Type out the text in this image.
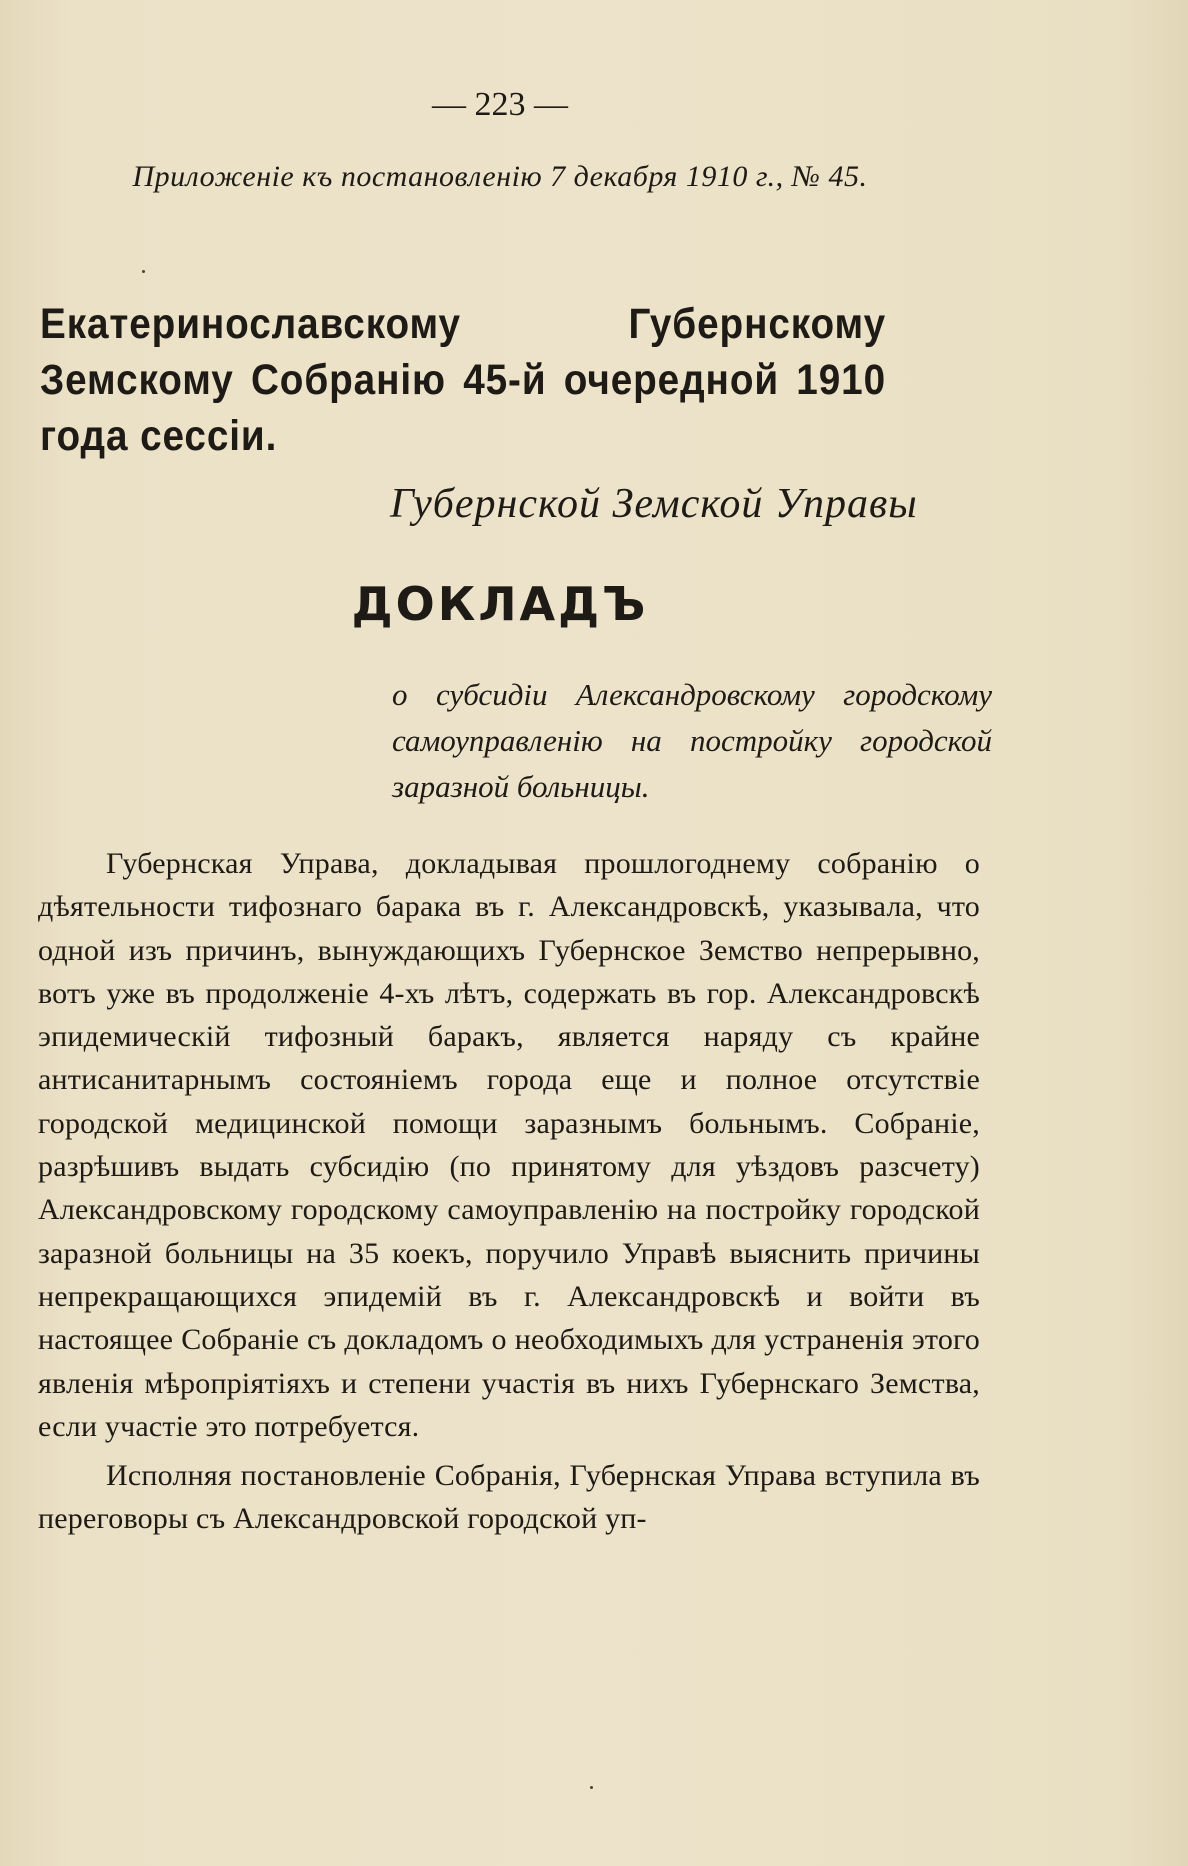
— 223 —
Приложеніе къ постановленію 7 декабря 1910 г., № 45.
Екатеринославскому Губернскому Земскому Собранію 45-й очередной 1910 года сессіи.
Губернской Земской Управы
ДОКЛАДЪ
о субсидіи Александровскому городскому самоуправленію на постройку городской заразной больницы.

Губернская Управа, докладывая прошлогоднему собранію о дѣятельности тифознаго барака въ г. Александровскѣ, указывала, что одной изъ причинъ, вынуждающихъ Губернское Земство непрерывно, вотъ уже въ продолженіе 4-хъ лѣтъ, содержать въ гор. Александровскѣ эпидемическій тифозный баракъ, является наряду съ крайне антисанитарнымъ состояніемъ города еще и полное отсутствіе городской медицинской помощи заразнымъ больнымъ. Собраніе, разрѣшивъ выдать субсидію (по принятому для уѣздовъ разсчету) Александровскому городскому самоуправленію на постройку городской заразной больницы на 35 коекъ, поручило Управѣ выяснить причины непрекращающихся эпидемій въ г. Александровскѣ и войти въ настоящее Собраніе съ докладомъ о необходимыхъ для устраненія этого явленія мѣропріятіяхъ и степени участія въ нихъ Губернскаго Земства, если участіе это потребуется.

Исполняя постановленіе Собранія, Губернская Управа вступила въ переговоры съ Александровской городской уп-
